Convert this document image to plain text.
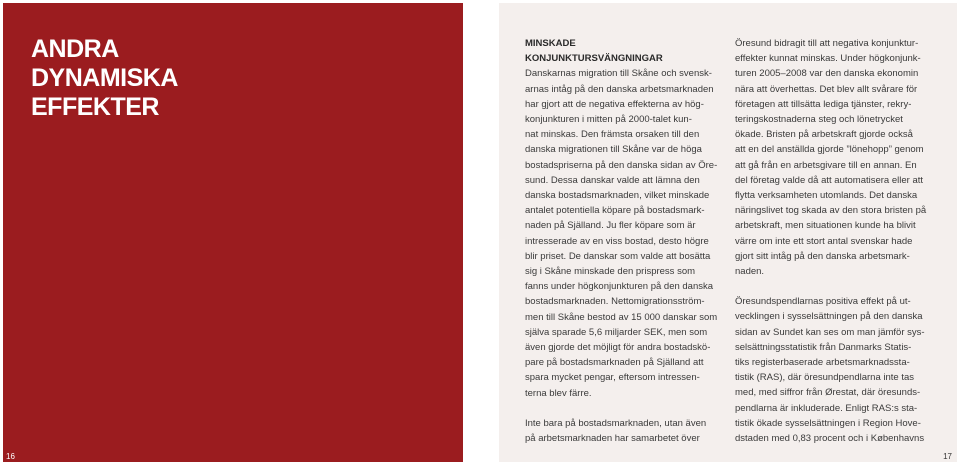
ANDRA
DYNAMISKA
EFFEKTER

MINSKADE
KONJUNKTURSVÄNGNINGAR

Danskarnas migration till Skåne och svensk-
arnas intåg på den danska arbetsmarknaden
har gjort att de negativa effekterna av hög-
konjunkturen i mitten på 2000-talet kun-
nat minskas. Den främsta orsaken till den
danska migrationen till Skåne var de höga
bostadspriserna på den danska sidan av Öre-
sund. Dessa danskar valde att lämna den
danska bostadsmarknaden, vilket minskade
antalet potentiella köpare på bostadsmark-
naden på Själland. Ju fler köpare som är
intresserade av en viss bostad, desto högre
blir priset. De danskar som valde att bosätta
sig i Skåne minskade den prispress som
fanns under högkonjunkturen på den danska
bostadsmarknaden. Nettomigrationsström-
men till Skåne bestod av 15 000 danskar som
själva sparade 5,6 miljarder SEK, men som
även gjorde det möjligt för andra bostadskö-
pare på bostadsmarknaden på Själland att
spara mycket pengar, eftersom intressen-
terna blev färre.

Inte bara på bostadsmarknaden, utan även
på arbetsmarknaden har samarbetet över

Öresund bidragit till att negativa konjunktur-
effekter kunnat minskas. Under högkonjunk-
turen 2005–2008 var den danska ekonomin
nära att överhettas. Det blev allt svårare för
företagen att tillsätta lediga tjänster, rekry-
teringskostnaderna steg och lönetrycket
ökade. Bristen på arbetskraft gjorde också
att en del anställda gjorde ”lönehopp” genom
att gå från en arbetsgivare till en annan. En
del företag valde då att automatisera eller att
flytta verksamheten utomlands. Det danska
näringslivet tog skada av den stora bristen på
arbetskraft, men situationen kunde ha blivit
värre om inte ett stort antal svenskar hade
gjort sitt intåg på den danska arbetsmark-
naden.

Öresundspendlarnas positiva effekt på ut-
vecklingen i sysselsättningen på den danska
sidan av Sundet kan ses om man jämför sys-
selsättningsstatistik från Danmarks Statis-
tiks registerbaserade arbetsmarknadssta-
tistik (RAS), där öresundpendlarna inte tas
med, med siffror från Ørestat, där öresunds-
pendlarna är inkluderade. Enligt RAS:s sta-
tistik ökade sysselsättningen i Region Hove-
dstaden med 0,83 procent och i Københavns

16	17
